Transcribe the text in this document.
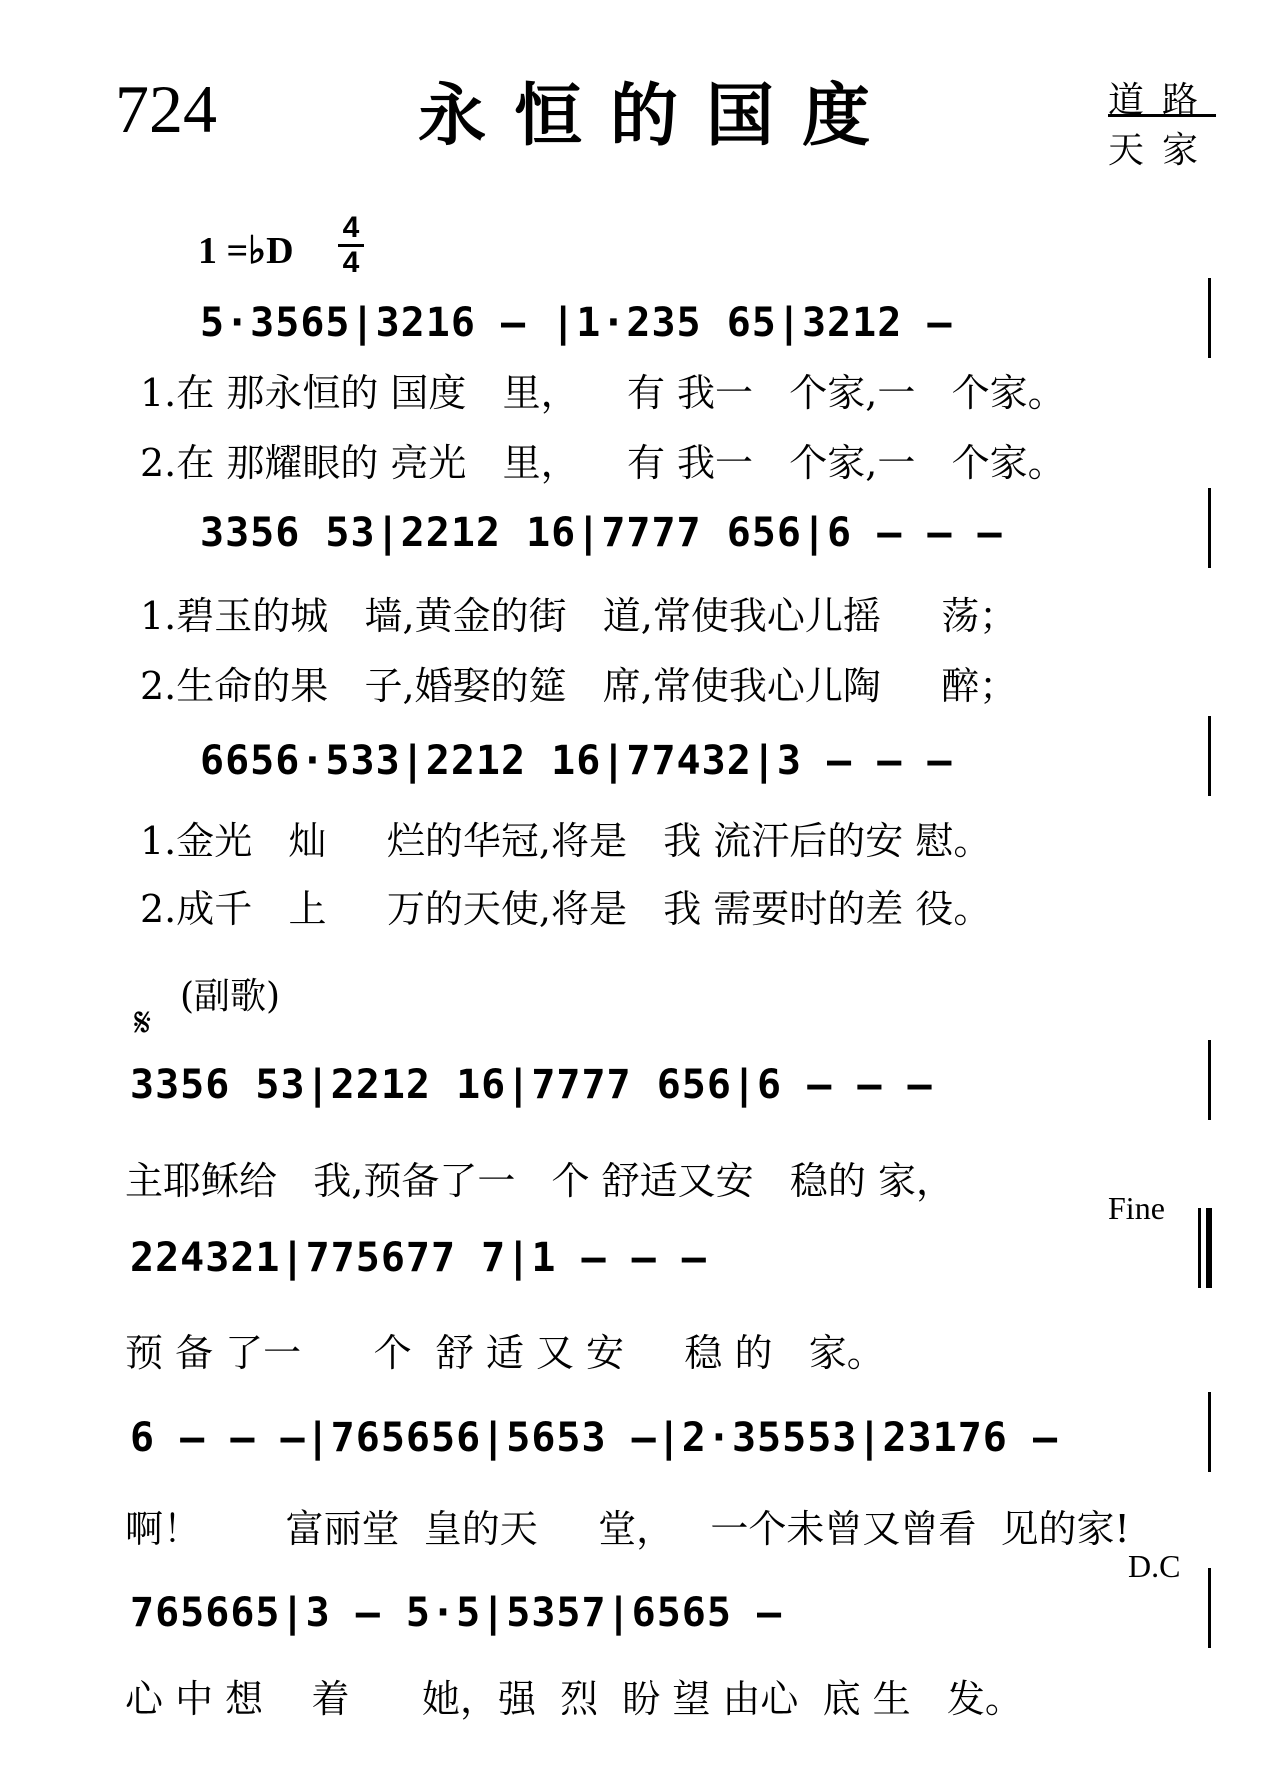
724	永恒的国度	道路
天家
1 =♭D
4
4
5·3565|3216 – |1·235 65|3212 –
1.在 那永恒的 国度   里，    有 我一   个家,一   个家。
2.在 那耀眼的 亮光   里，    有 我一   个家,一   个家。
3356 53|2212 16|7777 656|6 – – –
1.碧玉的城   墙,黄金的街   道,常使我心儿摇     荡；
2.生命的果   子,婚娶的筵   席,常使我心儿陶     醉；
6656·533|2212 16|77432|3 – – –
1.金光   灿     烂的华冠,将是   我 流汗后的安 慰。
2.成千   上     万的天使,将是   我 需要时的差 役。
(副歌)
𝄋
3356 53|2212 16|7777 656|6 – – –
主耶稣给   我,预备了一   个 舒适又安   稳的 家，
Fine
224321|775677 7|1 – – –
预 备 了一      个  舒 适 又 安     稳 的   家。
6 – – –|765656|5653 –|2·35553|23176 –
啊！       富丽堂  皇的天     堂，   一个未曾又曾看  见的家!
D.C
765665|3 – 5·5|5357|6565 –
心 中 想    着      她，强  烈  盼 望 由心  底 生   发。
